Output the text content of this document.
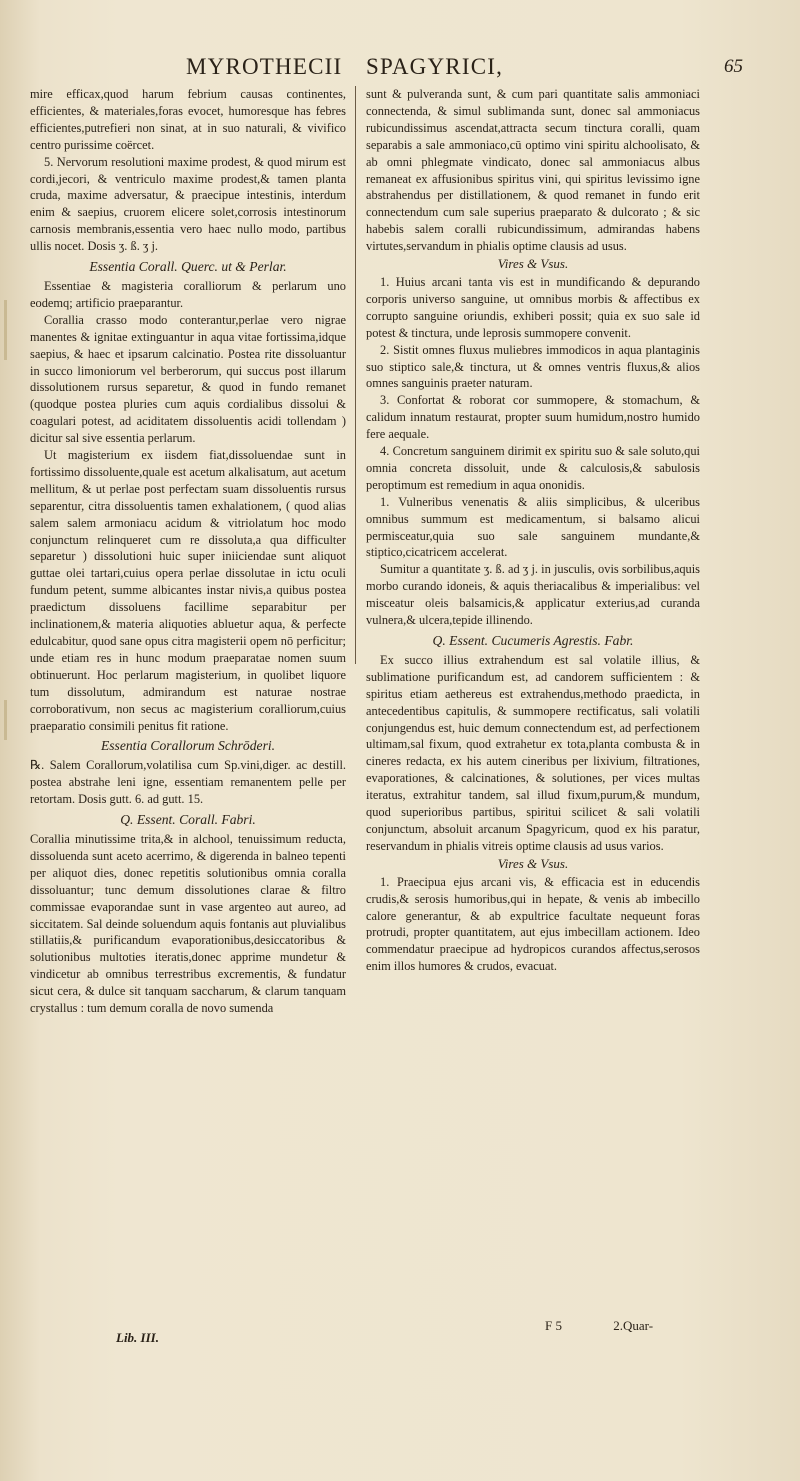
MYROTHECII SPAGYRICI,	65

mire efficax,quod harum febrium causas continentes, efficientes, & materiales,foras evocet, humoresque has febres efficientes,putrefieri non sinat, at in suo naturali, & vivifico centro purissime coërcet.

5. Nervorum resolutioni maxime prodest, & quod mirum est cordi,jecori, & ventriculo maxime prodest,& tamen planta cruda, maxime adversatur, & praecipue intestinis, interdum enim & saepius, cruorem elicere solet,corrosis intestinorum carnosis membranis,essentia vero haec nullo modo, partibus ullis nocet. Dosis ʒ. ß. ʒ j.

Essentia Corall. Querc. ut & Perlar.

Essentiae & magisteria coralliorum & perlarum uno eodemq; artificio praeparantur.

Corallia crasso modo conterantur,perlae vero nigrae manentes & ignitae extinguantur in aqua vitae fortissima,idque saepius, & haec et ipsarum calcinatio. Postea rite dissoluantur in succo limoniorum vel berberorum, qui succus post illarum dissolutionem rursus separetur, & quod in fundo remanet (quodque postea pluries cum aquis cordialibus dissolui & coagulari potest, ad aciditatem dissoluentis acidi tollendam ) dicitur sal sive essentia perlarum.

Ut magisterium ex iisdem fiat,dissoluendae sunt in fortissimo dissoluente,quale est acetum alkalisatum, aut acetum mellitum, & ut perlae post perfectam suam dissoluentis rursus separentur, citra dissoluentis tamen exhalationem, ( quod alias salem salem armoniacu acidum & vitriolatum hoc modo conjunctum relinqueret cum re dissoluta,a qua difficulter separetur ) dissolutioni huic super iniiciendae sunt aliquot guttae olei tartari,cuius opera perlae dissolutae in ictu oculi fundum petent, summe albicantes instar nivis,a quibus postea praedictum dissoluens facillime separabitur per inclinationem,& materia aliquoties abluetur aqua, & perfecte edulcabitur, quod sane opus citra magisterii opem nō perficitur; unde etiam res in hunc modum praeparatae nomen suum obtinuerunt. Hoc perlarum magisterium, in quolibet liquore tum dissolutum, admirandum est naturae nostrae corroborativum, non secus ac magisterium coralliorum,cuius praeparatio consimili penitus fit ratione.

Essentia Corallorum Schrōderi.

℞. Salem Corallorum,volatilisa cum Sp.vini,diger. ac destill. postea abstrahe leni igne, essentiam remanentem pelle per retortam. Dosis gutt. 6. ad gutt. 15.

Q. Essent. Corall. Fabri.

Corallia minutissime trita,& in alchool, tenuissimum reducta, dissoluenda sunt aceto acerrimo, & digerenda in balneo tepenti per aliquot dies, donec repetitis solutionibus omnia coralla dissoluantur; tunc demum dissolutiones clarae & filtro commissae evaporandae sunt in vase argenteo aut aureo, ad siccitatem. Sal deinde soluendum aquis fontanis aut pluvialibus stillatiis,& purificandum evaporationibus,desiccatoribus & solutionibus multoties iteratis,donec apprime mundetur & vindicetur ab omnibus terrestribus excrementis, & fundatur sicut cera, & dulce sit tanquam saccharum, & clarum tanquam crystallus : tum demum coralla de novo sumenda

sunt & pulveranda sunt, & cum pari quantitate salis ammoniaci connectenda, & simul sublimanda sunt, donec sal ammoniacus rubicundissimus ascendat,attracta secum tinctura coralli, quam separabis a sale ammoniaco,cū optimo vini spiritu alchoolisato, & ab omni phlegmate vindicato, donec sal ammoniacus albus remaneat ex affusionibus spiritus vini, qui spiritus levissimo igne abstrahendus per distillationem, & quod remanet in fundo erit connectendum cum sale superius praeparato & dulcorato ; & sic habebis salem coralli rubicundissimum, admirandas habens virtutes,servandum in phialis optime clausis ad usus.

Vires & Vsus.

1. Huius arcani tanta vis est in mundificando & depurando corporis universo sanguine, ut omnibus morbis & affectibus ex corrupto sanguine oriundis, exhiberi possit; quia ex suo sale id potest & tinctura, unde leprosis summopere convenit.

2. Sistit omnes fluxus muliebres immodicos in aqua plantaginis suo stiptico sale,& tinctura, ut & omnes ventris fluxus,& alios omnes sanguinis praeter naturam.

3. Confortat & roborat cor summopere, & stomachum, & calidum innatum restaurat, propter suum humidum,nostro humido fere aequale.

4. Concretum sanguinem dirimit ex spiritu suo & sale soluto,qui omnia concreta dissoluit, unde & calculosis,& sabulosis peroptimum est remedium in aqua ononidis.

1. Vulneribus venenatis & aliis simplicibus, & ulceribus omnibus summum est medicamentum, si balsamo alicui permisceatur,quia suo sale sanguinem mundante,& stiptico,cicatricem accelerat.

Sumitur a quantitate ʒ. ß. ad ʒ j. in jusculis, ovis sorbilibus,aquis morbo curando idoneis, & aquis theriacalibus & imperialibus: vel misceatur oleis balsamicis,& applicatur exterius,ad curanda vulnera,& ulcera,tepide illinendo.

Q. Essent. Cucumeris Agrestis. Fabr.

Ex succo illius extrahendum est sal volatile illius, & sublimatione purificandum est, ad candorem sufficientem : & spiritus etiam aethereus est extrahendus,methodo praedicta, in antecedentibus capitulis, & summopere rectificatus, sali volatili conjungendus est, huic demum connectendum est, ad perfectionem ultimam,sal fixum, quod extrahetur ex tota,planta combusta & in cineres redacta, ex his autem cineribus per lixivium, filtrationes, evaporationes, & calcinationes, & solutiones, per vices multas iteratus, extrahitur tandem, sal illud fixum,purum,& mundum, quod superioribus partibus, spiritui scilicet & sali volatili conjunctum, absoluit arcanum Spagyricum, quod ex his paratur, reservandum in phialis vitreis optime clausis ad usus varios.

Vires & Vsus.

1. Praecipua ejus arcani vis, & efficacia est in educendis crudis,& serosis humoribus,qui in hepate, & venis ab imbecillo calore generantur, & ab expultrice facultate nequeunt foras protrudi, propter quantitatem, aut ejus imbecillam actionem. Ideo commendatur praecipue ad hydropicos curandos affectus,serosos enim illos humores & crudos, evacuat.

Lib. III.
F 5	2.Quar-
